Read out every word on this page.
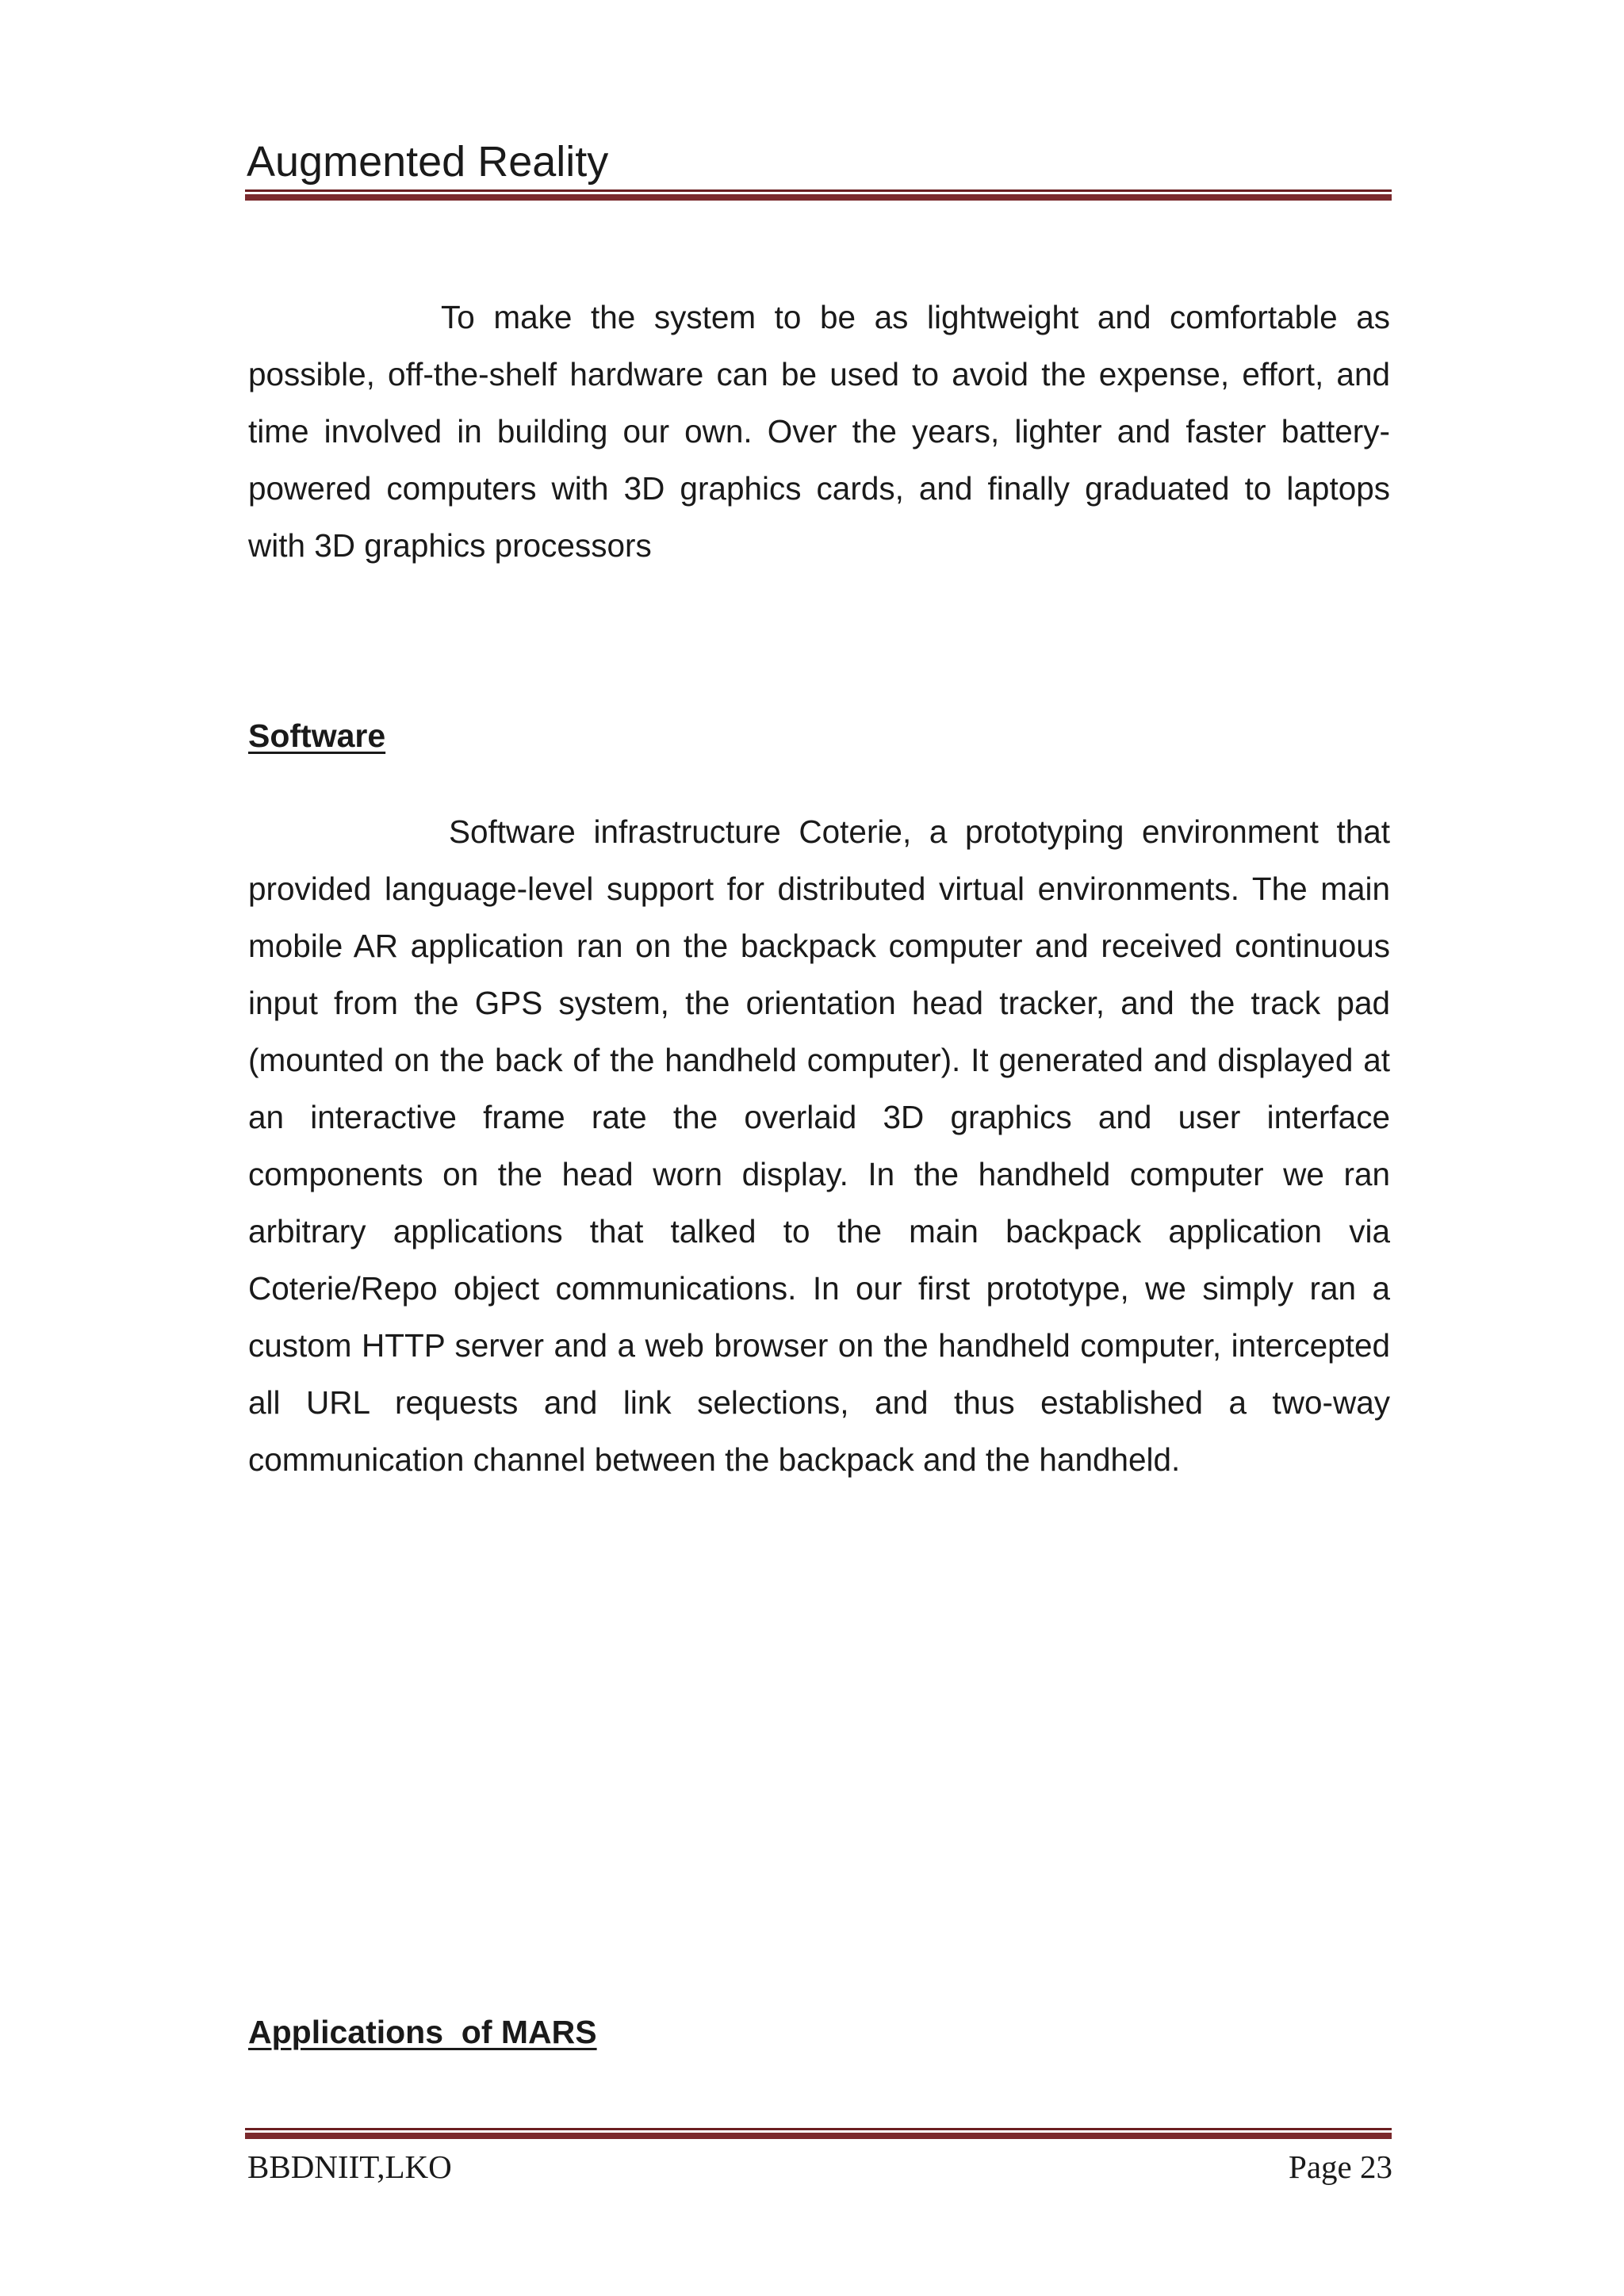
Augmented Reality

To make the system to be as lightweight and comfortable as possible, off-the-shelf hardware can be used to avoid the expense, effort, and time involved in building our own. Over the years, lighter and faster battery-powered computers with 3D graphics cards, and finally graduated to laptops with 3D graphics processors

Software

Software infrastructure Coterie, a prototyping environment that provided language-level support for distributed virtual environments. The main mobile AR application ran on the backpack computer and received continuous input from the GPS system, the orientation head tracker, and the track pad (mounted on the back of the handheld computer). It generated and displayed at an interactive frame rate the overlaid 3D graphics and user interface components on the head worn display. In the handheld computer we ran arbitrary applications that talked to the main backpack application via Coterie/Repo object communications. In our first prototype, we simply ran a custom HTTP server and a web browser on the handheld computer, intercepted all URL requests and link selections, and thus established a two-way communication channel between the backpack and the handheld.

Applications  of MARS
BBDNIIT,LKO	Page 23
